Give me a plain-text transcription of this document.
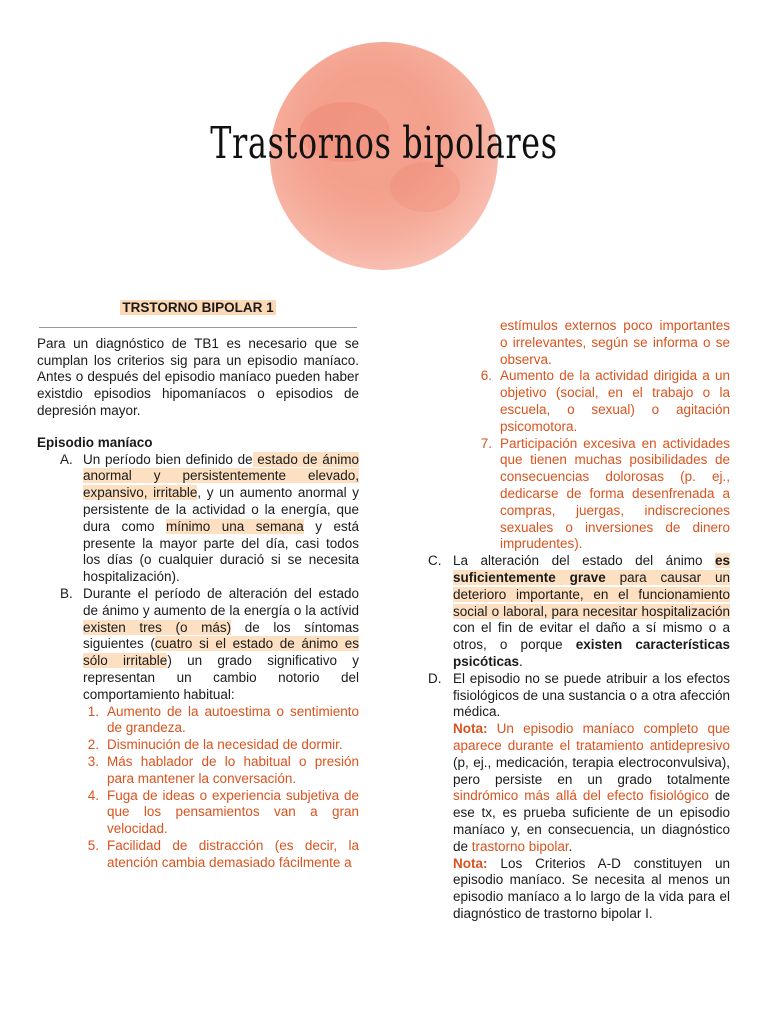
Trastornos bipolares
TRSTORNO BIPOLAR 1

Para un diagnóstico de TB1 es necesario que se cumplan los criterios sig para un episodio maníaco. Antes o después del episodio maníaco pueden haber existdio episodios hipomaníacos o episodios de depresión mayor.

Episodio maníaco
A. Un período bien definido de estado de ánimo anormal y persistentemente elevado, expansivo, irritable, y un aumento anormal y persistente de la actividad o la energía, que dura como mínimo una semana y está presente la mayor parte del día, casi todos los días (o cualquier duració si se necesita hospitalización).
B. Durante el período de alteración del estado de ánimo y aumento de la energía o la actívid existen tres (o más) de los síntomas siguientes (cuatro si el estado de ánimo es sólo irritable) un grado significativo y representan un cambio notorio del comportamiento habitual:
1. Aumento de la autoestima o sentimiento de grandeza.
2. Disminución de la necesidad de dormir.
3. Más hablador de lo habitual o presión para mantener la conversación.
4. Fuga de ideas o experiencia subjetiva de que los pensamientos van a gran velocidad.
5. Facilidad de distracción (es decir, la atención cambia demasiado fácilmente a
estímulos externos poco importantes o irrelevantes, según se informa o se observa.
6. Aumento de la actividad dirigida a un objetivo (social, en el trabajo o la escuela, o sexual) o agitación psicomotora.
7. Participación excesiva en actividades que tienen muchas posibilidades de consecuencias dolorosas (p. ej., dedicarse de forma desenfrenada a compras, juergas, indiscreciones sexuales o inversiones de dinero imprudentes).
C. La alteración del estado del ánimo es suficientemente grave para causar un deterioro importante, en el funcionamiento social o laboral, para necesitar hospitalización con el fin de evitar el daño a sí mismo o a otros, o porque existen características psicóticas.
D. El episodio no se puede atribuir a los efectos fisiológicos de una sustancia o a otra afección médica.
Nota: Un episodio maníaco completo que aparece durante el tratamiento antidepresivo (p, ej., medicación, terapia electroconvulsiva), pero persiste en un grado totalmente sindrómico más allá del efecto fisiológico de ese tx, es prueba suficiente de un episodio maníaco y, en consecuencia, un diagnóstico de trastorno bipolar.
Nota: Los Criterios A-D constituyen un episodio maníaco. Se necesita al menos un episodio maníaco a lo largo de la vida para el diagnóstico de trastorno bipolar I.
